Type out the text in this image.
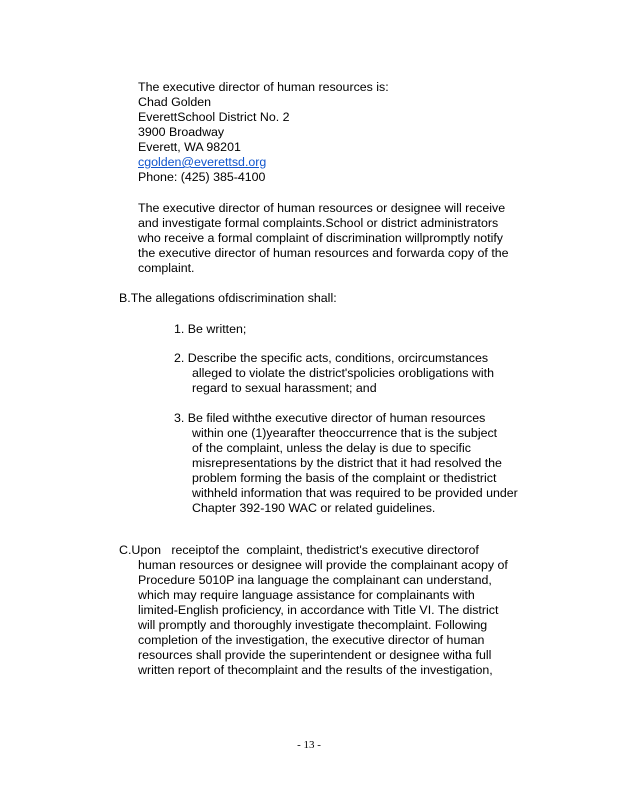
The executive director of human resources is:
Chad Golden
EverettSchool District No. 2
3900 Broadway
Everett, WA 98201
cgolden@everettsd.org
Phone: (425) 385-4100
The executive director of human resources or designee will receive
and investigate formal complaints.School or district administrators
who receive a formal complaint of discrimination willpromptly notify
the executive director of human resources and forwarda copy of the
complaint.
B.The allegations ofdiscrimination shall:
1. Be written;
2. Describe the specific acts, conditions, orcircumstances
alleged to violate the district'spolicies orobligations with
regard to sexual harassment; and
3. Be filed withthe executive director of human resources
within one (1)yearafter theoccurrence that is the subject
of the complaint, unless the delay is due to specific
misrepresentations by the district that it had resolved the
problem forming the basis of the complaint or thedistrict
withheld information that was required to be provided under
Chapter 392-190 WAC or related guidelines.
C.Upon   receiptof the  complaint, thedistrict's executive directorof
human resources or designee will provide the complainant acopy of
Procedure 5010P ina language the complainant can understand,
which may require language assistance for complainants with
limited-English proficiency, in accordance with Title VI. The district
will promptly and thoroughly investigate thecomplaint. Following
completion of the investigation, the executive director of human
resources shall provide the superintendent or designee witha full
written report of thecomplaint and the results of the investigation,
- 13 -
